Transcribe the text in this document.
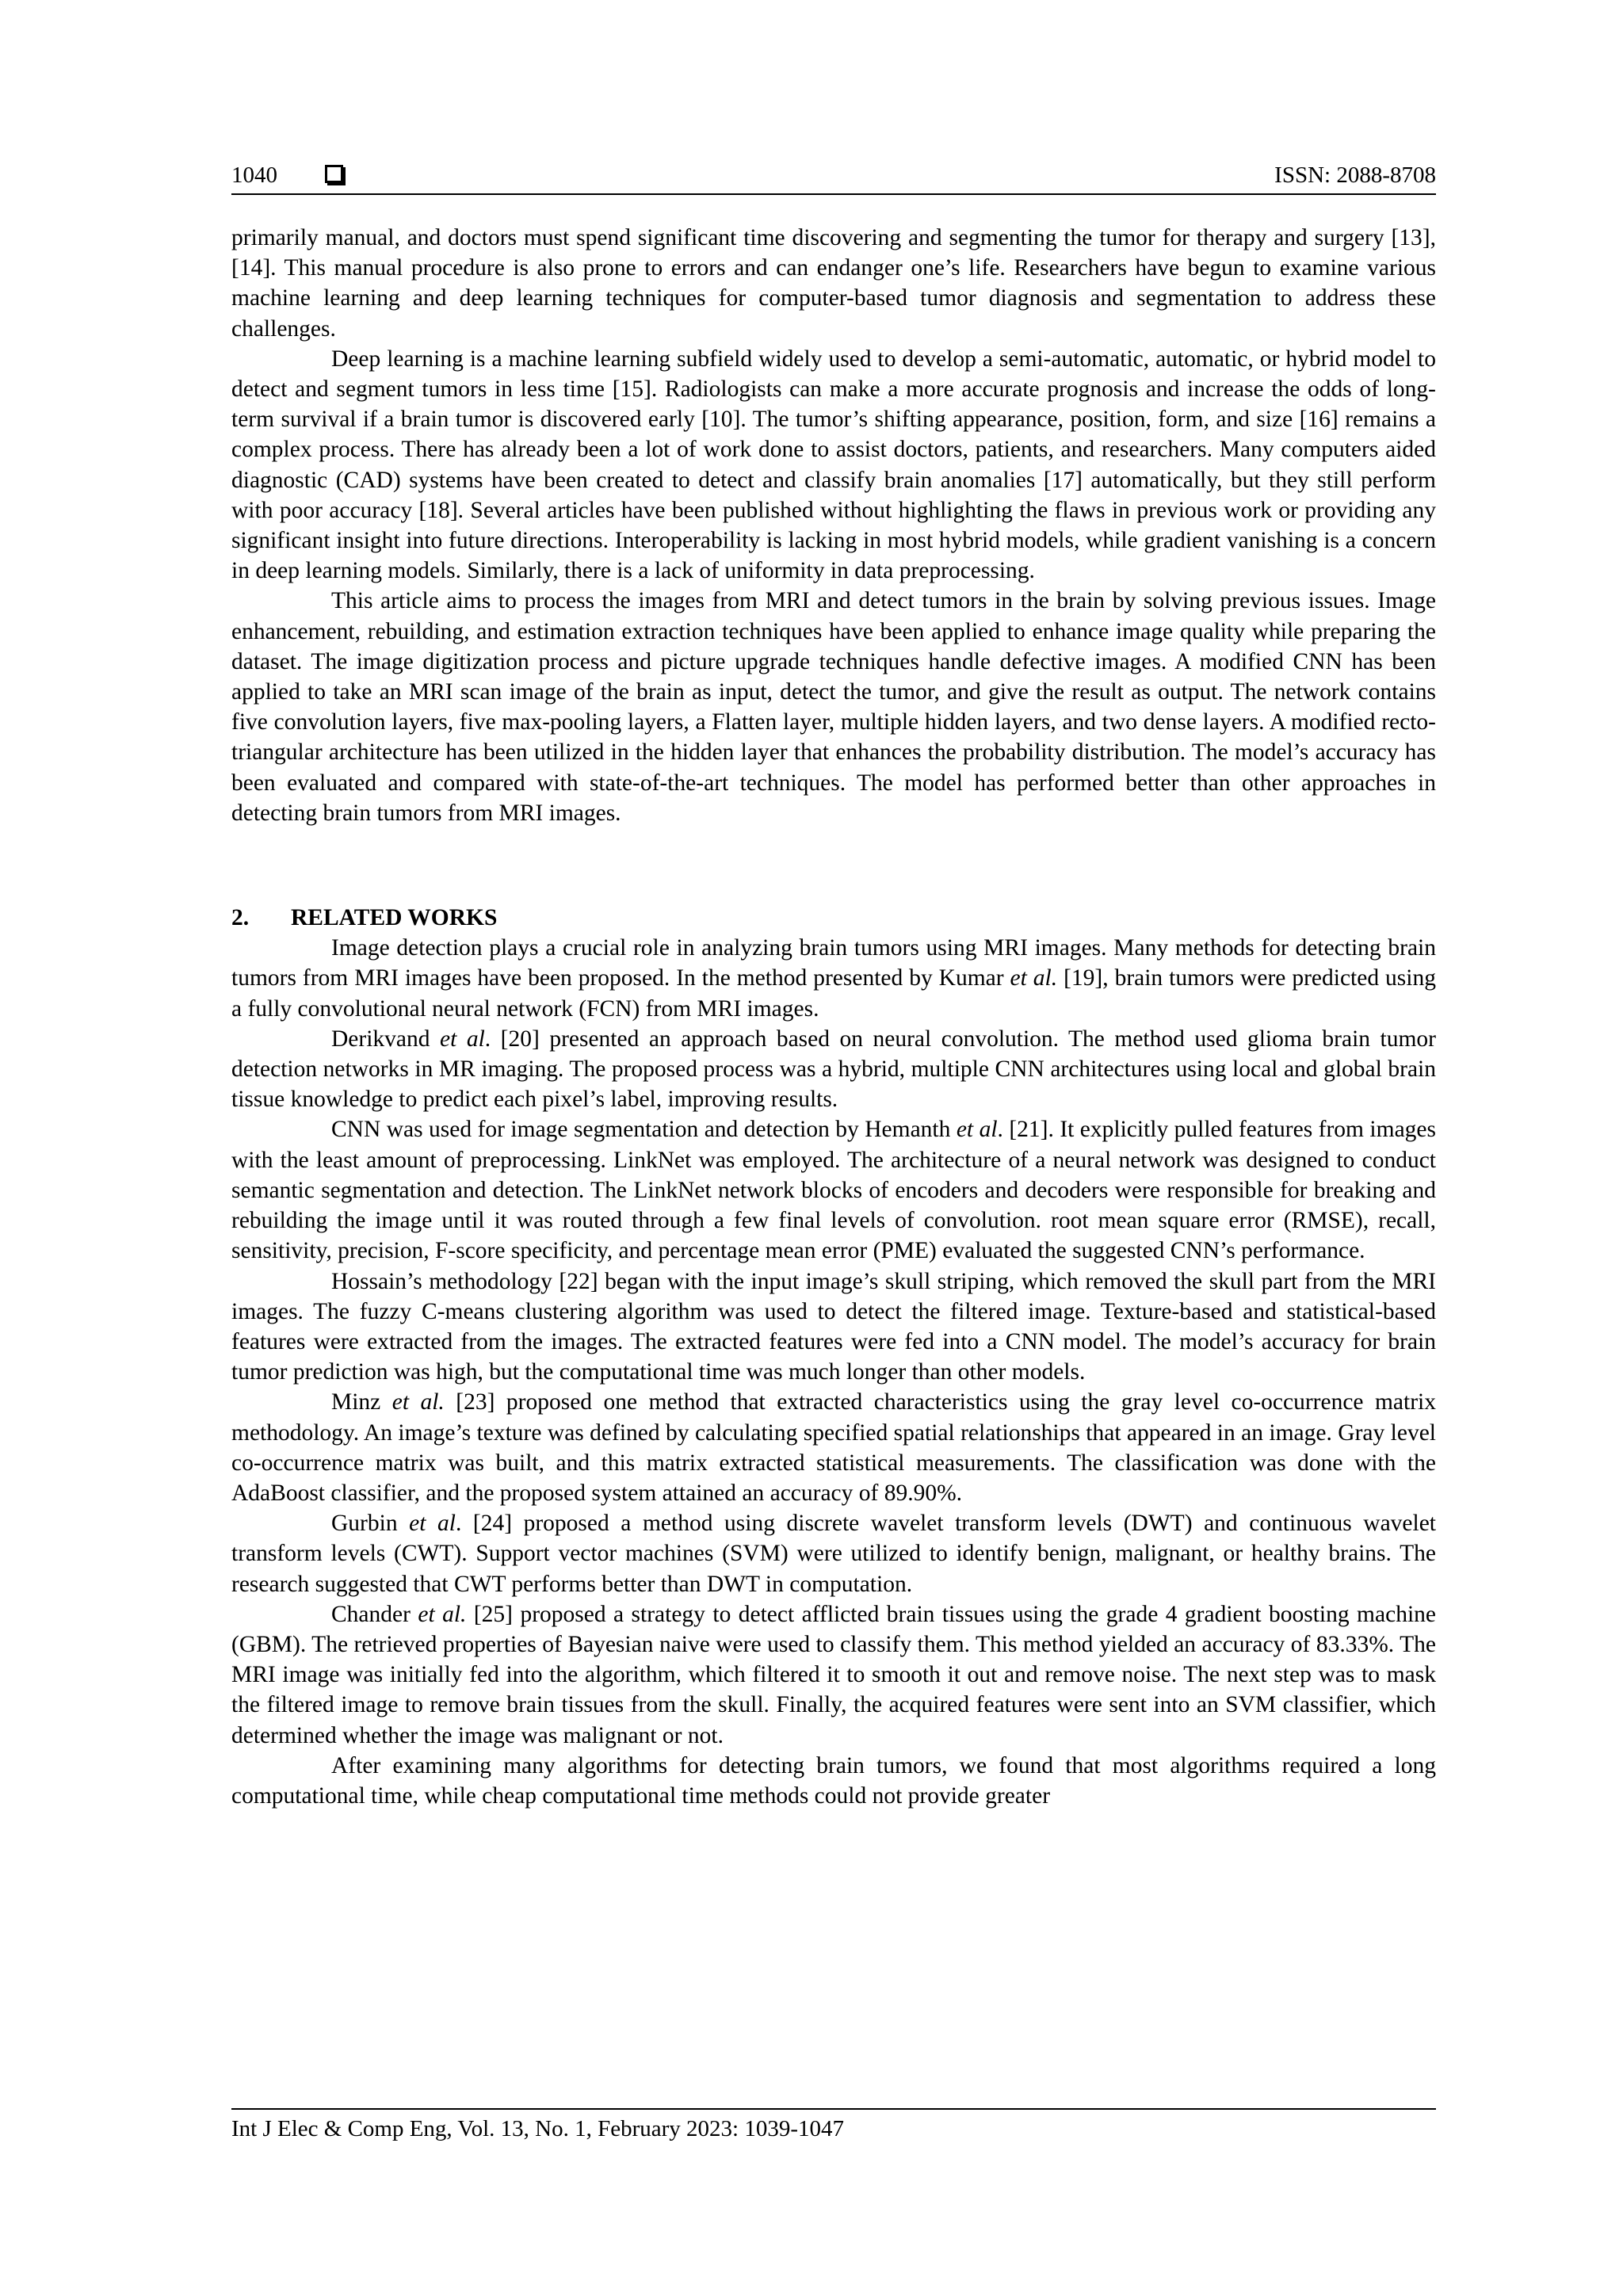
1040	ISSN: 2088-8708

primarily manual, and doctors must spend significant time discovering and segmenting the tumor for therapy and surgery [13], [14]. This manual procedure is also prone to errors and can endanger one’s life. Researchers have begun to examine various machine learning and deep learning techniques for computer-based tumor diagnosis and segmentation to address these challenges.

Deep learning is a machine learning subfield widely used to develop a semi-automatic, automatic, or hybrid model to detect and segment tumors in less time [15]. Radiologists can make a more accurate prognosis and increase the odds of long-term survival if a brain tumor is discovered early [10]. The tumor’s shifting appearance, position, form, and size [16] remains a complex process. There has already been a lot of work done to assist doctors, patients, and researchers. Many computers aided diagnostic (CAD) systems have been created to detect and classify brain anomalies [17] automatically, but they still perform with poor accuracy [18]. Several articles have been published without highlighting the flaws in previous work or providing any significant insight into future directions. Interoperability is lacking in most hybrid models, while gradient vanishing is a concern in deep learning models. Similarly, there is a lack of uniformity in data preprocessing.

This article aims to process the images from MRI and detect tumors in the brain by solving previous issues. Image enhancement, rebuilding, and estimation extraction techniques have been applied to enhance image quality while preparing the dataset. The image digitization process and picture upgrade techniques handle defective images. A modified CNN has been applied to take an MRI scan image of the brain as input, detect the tumor, and give the result as output. The network contains five convolution layers, five max-pooling layers, a Flatten layer, multiple hidden layers, and two dense layers. A modified recto-triangular architecture has been utilized in the hidden layer that enhances the probability distribution. The model’s accuracy has been evaluated and compared with state-of-the-art techniques. The model has performed better than other approaches in detecting brain tumors from MRI images.

2.	RELATED WORKS

Image detection plays a crucial role in analyzing brain tumors using MRI images. Many methods for detecting brain tumors from MRI images have been proposed. In the method presented by Kumar et al. [19], brain tumors were predicted using a fully convolutional neural network (FCN) from MRI images.

Derikvand et al. [20] presented an approach based on neural convolution. The method used glioma brain tumor detection networks in MR imaging. The proposed process was a hybrid, multiple CNN architectures using local and global brain tissue knowledge to predict each pixel’s label, improving results.

CNN was used for image segmentation and detection by Hemanth et al. [21]. It explicitly pulled features from images with the least amount of preprocessing. LinkNet was employed. The architecture of a neural network was designed to conduct semantic segmentation and detection. The LinkNet network blocks of encoders and decoders were responsible for breaking and rebuilding the image until it was routed through a few final levels of convolution. root mean square error (RMSE), recall, sensitivity, precision, F-score specificity, and percentage mean error (PME) evaluated the suggested CNN’s performance.

Hossain’s methodology [22] began with the input image’s skull striping, which removed the skull part from the MRI images. The fuzzy C-means clustering algorithm was used to detect the filtered image. Texture-based and statistical-based features were extracted from the images. The extracted features were fed into a CNN model. The model’s accuracy for brain tumor prediction was high, but the computational time was much longer than other models.

Minz et al. [23] proposed one method that extracted characteristics using the gray level co-occurrence matrix methodology. An image’s texture was defined by calculating specified spatial relationships that appeared in an image. Gray level co-occurrence matrix was built, and this matrix extracted statistical measurements. The classification was done with the AdaBoost classifier, and the proposed system attained an accuracy of 89.90%.

Gurbin et al. [24] proposed a method using discrete wavelet transform levels (DWT) and continuous wavelet transform levels (CWT). Support vector machines (SVM) were utilized to identify benign, malignant, or healthy brains. The research suggested that CWT performs better than DWT in computation.

Chander et al. [25] proposed a strategy to detect afflicted brain tissues using the grade 4 gradient boosting machine (GBM). The retrieved properties of Bayesian naive were used to classify them. This method yielded an accuracy of 83.33%. The MRI image was initially fed into the algorithm, which filtered it to smooth it out and remove noise. The next step was to mask the filtered image to remove brain tissues from the skull. Finally, the acquired features were sent into an SVM classifier, which determined whether the image was malignant or not.

After examining many algorithms for detecting brain tumors, we found that most algorithms required a long computational time, while cheap computational time methods could not provide greater

Int J Elec & Comp Eng, Vol. 13, No. 1, February 2023: 1039-1047
